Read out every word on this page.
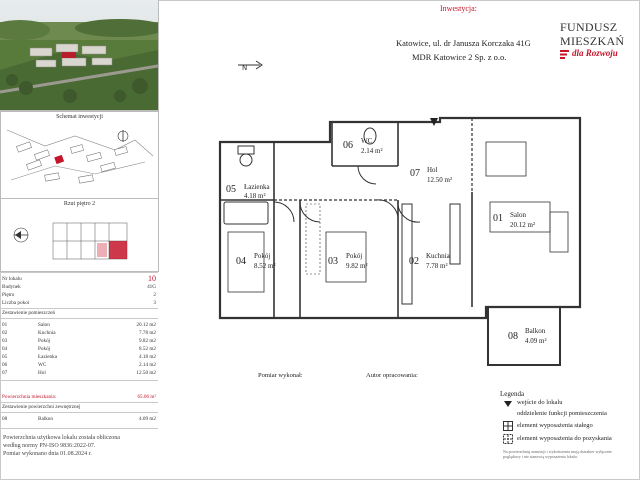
Inwestycja:
Katowice, ul. dr Janusza Korczaka 41G
MDR Katowice 2 Sp. z o.o.
FUNDUSZ
MIESZKAŃ
dla Rozwoju
N
Schemat inwestycji
Rzut piętro 2
Nr lokalu	10
Budynek	41G
Piętro	2
Liczba pokoi	3
Zestawienie pomieszczeń
01	Salon	20.12 m2
02	Kuchnia	7.78 m2
03	Pokój	9.82 m2
04	Pokój	8.52 m2
05	Łazienka	4.18 m2
06	WC	2.14 m2
07	Hol	12.50 m2
Powierzchnia mieszkania:	65.06 m²
Zestawienie powierzchni zewnętrznej
08	Balkon	4.09 m2
Powierzchnia użytkowa lokalu została obliczona
według normy PN-ISO 9836:2022-07.
Pomiar wykonano dnia 01.08.2024 r.
05 Łazienka
4.18 m²
06 WC
2.14 m²
07 Hol
12.50 m²
01 Salon
20.12 m²
04 Pokój
8.52 m²	03 Pokój
9.82 m²	02 Kuchnia
7.78 m²
08 Balkon
4.09 m²
Pomiar wykonał:	Autor opracowania:
Legenda
wejście do lokalu
oddzielenie funkcji pomieszczenia
element wyposażenia stałego
element wyposażenia do pozyskania
Na powierzchnię aranżacji i wykończenia mają charakter wyłącznie
poglądowy i nie stanowią wyposażenia lokalu.
